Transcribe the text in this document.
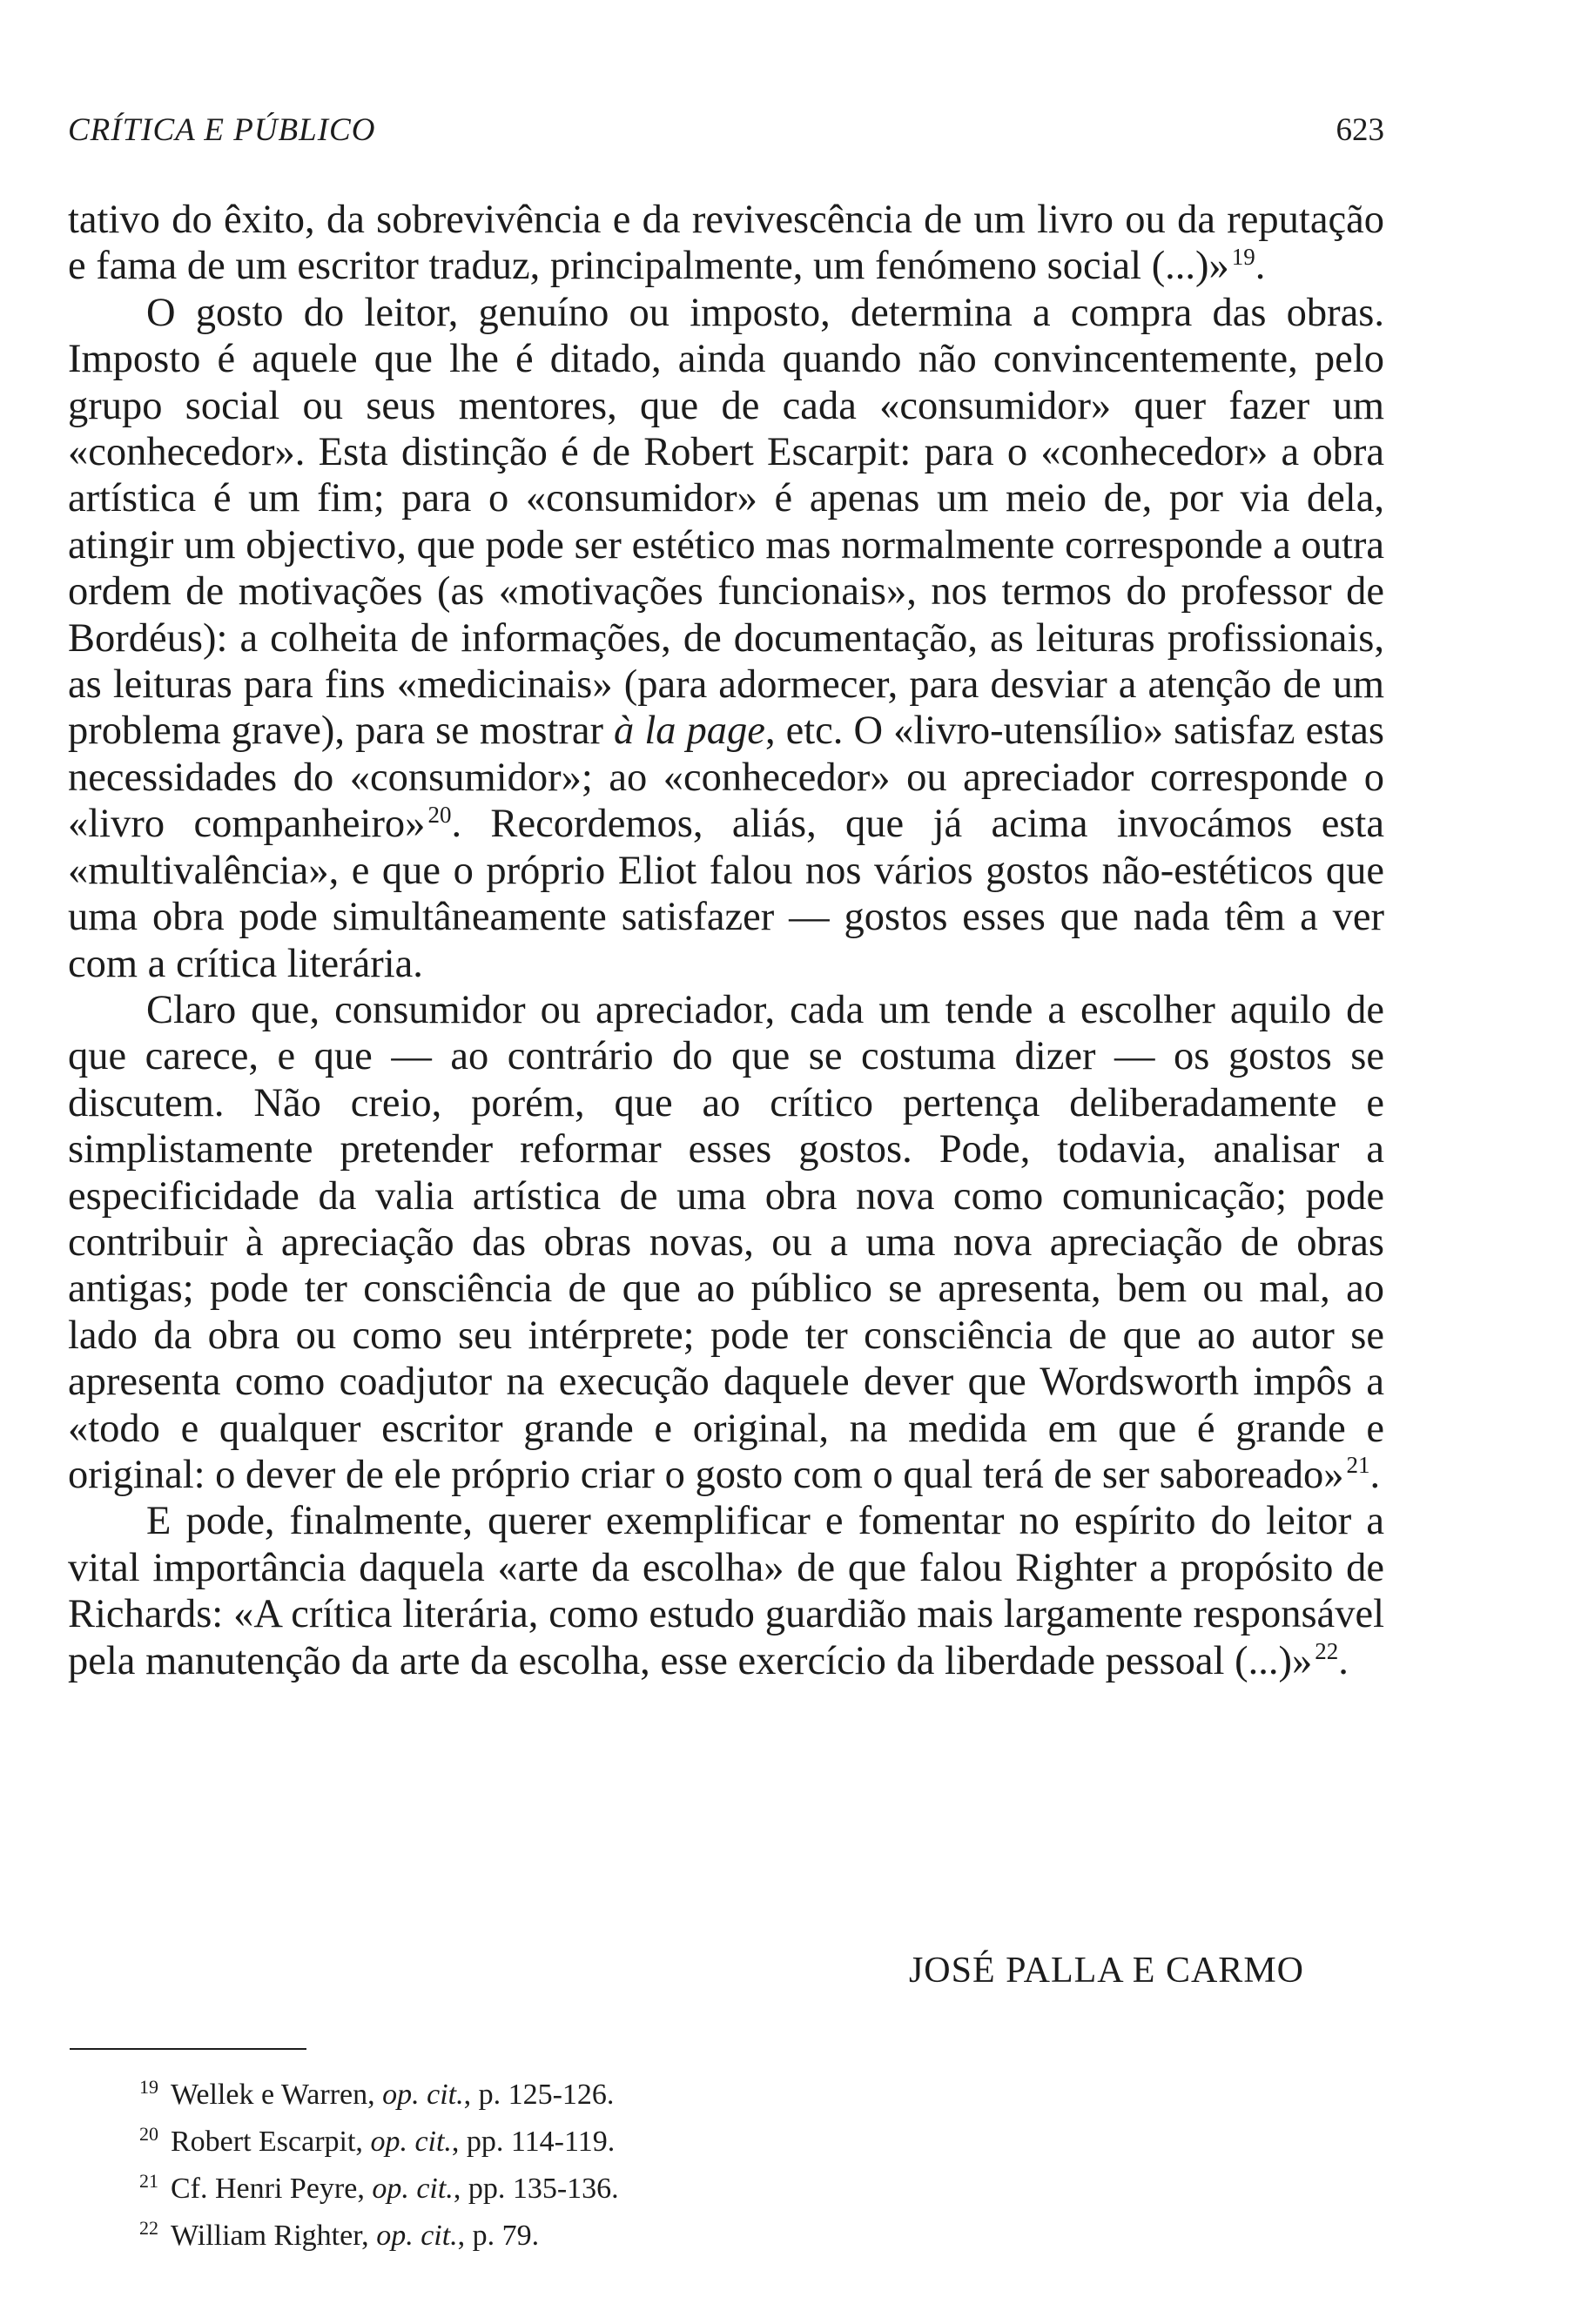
CRÍTICA E PÚBLICO	623

tativo do êxito, da sobrevivência e da revivescência de um livro ou da reputação e fama de um escritor traduz, principalmente, um fenómeno social (...)» $^{19}$.

O gosto do leitor, genuíno ou imposto, determina a compra das obras. Imposto é aquele que lhe é ditado, ainda quando não convincentemente, pelo grupo social ou seus mentores, que de cada «consumidor» quer fazer um «conhecedor». Esta distinção é de Robert Escarpit: para o «conhecedor» a obra artística é um fim; para o «consumidor» é apenas um meio de, por via dela, atingir um objectivo, que pode ser estético mas normalmente corresponde a outra ordem de motivações (as «motivações funcionais», nos termos do professor de Bordéus): a colheita de informações, de documentação, as leituras profissionais, as leituras para fins «medicinais» (para adormecer, para desviar a atenção de um problema grave), para se mostrar à la page, etc. O «livro-utensílio» satisfaz estas necessidades do «consumidor»; ao «conhecedor» ou apreciador corresponde o «livro companheiro» $^{20}$. Recordemos, aliás, que já acima invocámos esta «multivalência», e que o próprio Eliot falou nos vários gostos não-estéticos que uma obra pode simultâneamente satisfazer — gostos esses que nada têm a ver com a crítica literária.

Claro que, consumidor ou apreciador, cada um tende a escolher aquilo de que carece, e que — ao contrário do que se costuma dizer — os gostos se discutem. Não creio, porém, que ao crítico pertença deliberadamente e simplistamente pretender reformar esses gostos. Pode, todavia, analisar a especificidade da valia artística de uma obra nova como comunicação; pode contribuir à apreciação das obras novas, ou a uma nova apreciação de obras antigas; pode ter consciência de que ao público se apresenta, bem ou mal, ao lado da obra ou como seu intérprete; pode ter consciência de que ao autor se apresenta como coadjutor na execução daquele dever que Wordsworth impôs a «todo e qualquer escritor grande e original, na medida em que é grande e original: o dever de ele próprio criar o gosto com o qual terá de ser saboreado» $^{21}$.

E pode, finalmente, querer exemplificar e fomentar no espírito do leitor a vital importância daquela «arte da escolha» de que falou Righter a propósito de Richards: «A crítica literária, como estudo guardião mais largamente responsável pela manutenção da arte da escolha, esse exercício da liberdade pessoal (...)» $^{22}$.

JOSÉ PALLA E CARMO
$^{19}$ Wellek e Warren, op. cit., p. 125-126.
$^{20}$ Robert Escarpit, op. cit., pp. 114-119.
$^{21}$ Cf. Henri Peyre, op. cit., pp. 135-136.
$^{22}$ William Righter, op. cit., p. 79.
